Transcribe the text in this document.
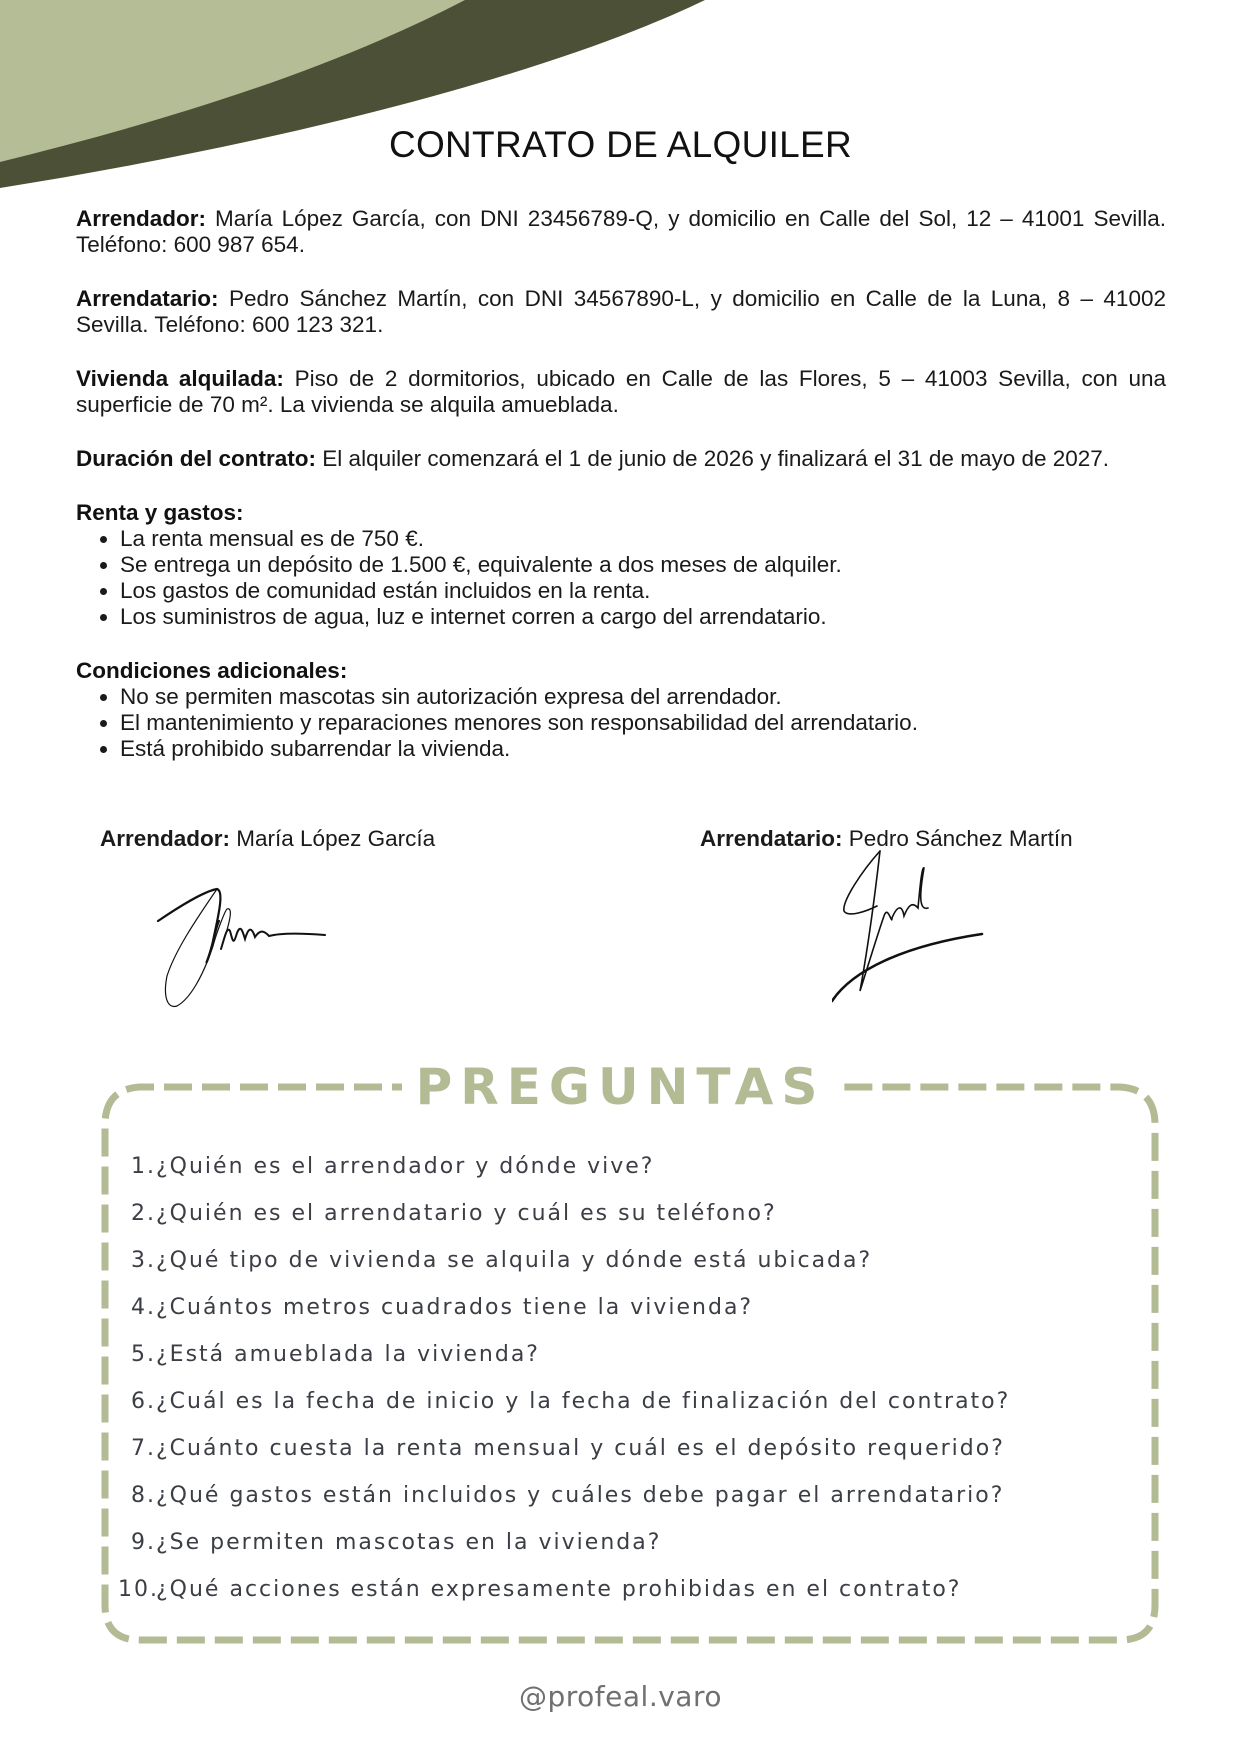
CONTRATO DE ALQUILER

Arrendador: María López García, con DNI 23456789-Q, y domicilio en Calle del Sol, 12 – 41001 Sevilla. Teléfono: 600 987 654.

Arrendatario: Pedro Sánchez Martín, con DNI 34567890-L, y domicilio en Calle de la Luna, 8 – 41002 Sevilla. Teléfono: 600 123 321.

Vivienda alquilada: Piso de 2 dormitorios, ubicado en Calle de las Flores, 5 – 41003 Sevilla, con una superficie de 70 m². La vivienda se alquila amueblada.

Duración del contrato: El alquiler comenzará el 1 de junio de 2026 y finalizará el 31 de mayo de 2027.

Renta y gastos:

• La renta mensual es de 750 €.
• Se entrega un depósito de 1.500 €, equivalente a dos meses de alquiler.
• Los gastos de comunidad están incluidos en la renta.
• Los suministros de agua, luz e internet corren a cargo del arrendatario.

Condiciones adicionales:

• No se permiten mascotas sin autorización expresa del arrendador.
• El mantenimiento y reparaciones menores son responsabilidad del arrendatario.
• Está prohibido subarrendar la vivienda.
Arrendador: María López García	Arrendatario: Pedro Sánchez Martín
PREGUNTAS
1.¿Quién es el arrendador y dónde vive?
2.¿Quién es el arrendatario y cuál es su teléfono?
3.¿Qué tipo de vivienda se alquila y dónde está ubicada?
4.¿Cuántos metros cuadrados tiene la vivienda?
5.¿Está amueblada la vivienda?
6.¿Cuál es la fecha de inicio y la fecha de finalización del contrato?
7.¿Cuánto cuesta la renta mensual y cuál es el depósito requerido?
8.¿Qué gastos están incluidos y cuáles debe pagar el arrendatario?
9.¿Se permiten mascotas en la vivienda?
10.¿Qué acciones están expresamente prohibidas en el contrato?
@profeal.varo
